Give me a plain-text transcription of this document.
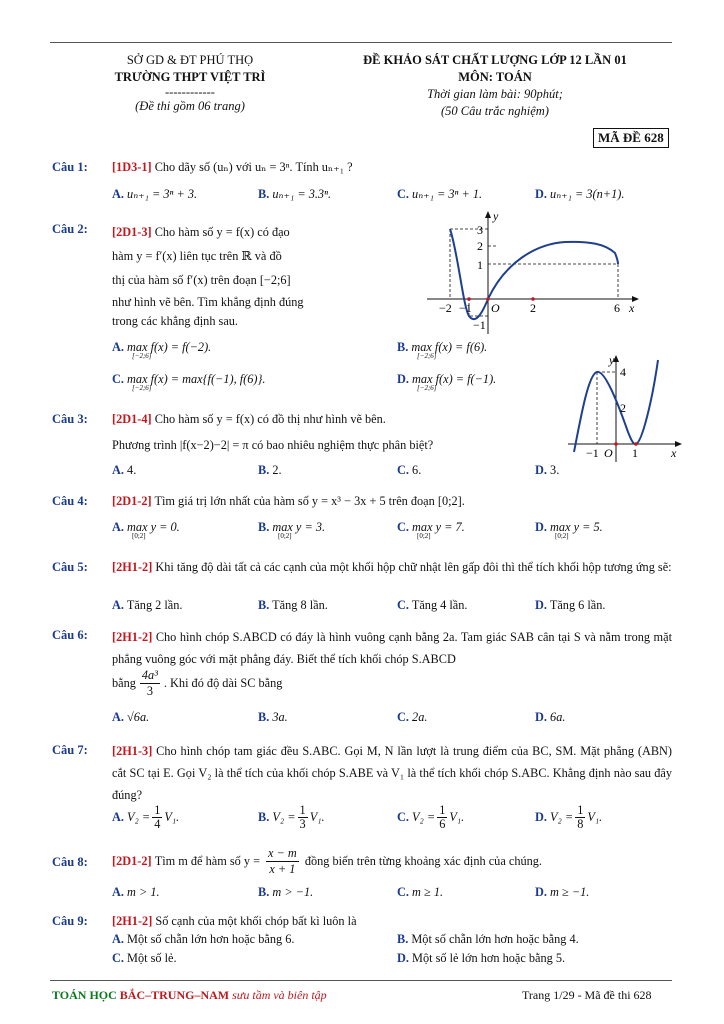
SỞ GD & ĐT PHÚ THỌ
TRƯỜNG THPT VIỆT TRÌ
------------
(Đề thi gồm 06 trang)
ĐỀ KHẢO SÁT CHẤT LƯỢNG LỚP 12 LẦN 01
MÔN: TOÁN
Thời gian làm bài: 90phút;
(50 Câu trắc nghiệm)
MÃ ĐỀ 628
Câu 1: [1D3-1] Cho dãy số (uₙ) với uₙ = 3ⁿ. Tính uₙ₊₁ ?
A. uₙ₊₁ = 3ⁿ + 3.	B. uₙ₊₁ = 3.3ⁿ.	C. uₙ₊₁ = 3ⁿ + 1.	D. uₙ₊₁ = 3(n+1).
Câu 2: [2D1-3] Cho hàm số y = f(x) có đạo
hàm y = f′(x) liên tục trên ℝ và đồ
thị của hàm số f′(x) trên đoạn [−2;6]
như hình vẽ bên. Tìm khẳng định đúng
trong các khẳng định sau.
y
x
O
−2 −1	2	6
3
2
1
−1
A. max f(x) = f(−2).
[−2;6]
B. max f(x) = f(6).
[−2;6]
C. max f(x) = max{f(−1), f(6)}.
[−2;6]
D. max f(x) = f(−1).
[−2;6]
y
x
O
−1	1
4
2
Câu 3: [2D1-4] Cho hàm số y = f(x) có đồ thị như hình vẽ bên.
Phương trình |f(x−2)−2| = π có bao nhiêu nghiệm thực phân biệt?
A. 4.	B. 2.	C. 6.	D. 3.
Câu 4: [2D1-2] Tìm giá trị lớn nhất của hàm số y = x³ − 3x + 5 trên đoạn [0;2].
A. max y = 0.
[0;2]
B. max y = 3.
[0;2]
C. max y = 7.
[0;2]
D. max y = 5.
[0;2]
Câu 5: [2H1-2] Khi tăng độ dài tất cả các cạnh của một khối hộp chữ nhật lên gấp đôi thì thể tích khối hộp tương ứng sẽ:
A. Tăng 2 lần.	B. Tăng 8 lần.	C. Tăng 4 lần.	D. Tăng 6 lần.
Câu 6: [2H1-2] Cho hình chóp S.ABCD có đáy là hình vuông cạnh bằng 2a. Tam giác SAB cân tại S và nằm trong mặt phẳng vuông góc với mặt phẳng đáy. Biết thể tích khối chóp S.ABCD
bằng $\frac{\text{4a³}}{3}$ . Khi đó độ dài SC bằng
A. √6a.	B. 3a.	C. 2a.	D. 6a.
Câu 7: [2H1-3] Cho hình chóp tam giác đều S.ABC. Gọi M, N lần lượt là trung điểm của BC, SM. Mặt phẳng (ABN) cắt SC tại E. Gọi V₂ là thể tích của khối chóp S.ABE và V₁ là thể tích khối chóp S.ABC. Khẳng định nào sau đây đúng?
A.
$V_2 = \frac{1}{4} V_1$.	B.
$V_2 = \frac{1}{3} V_1$.	C.
$V_2 = \frac{1}{6} V_1$.	D.
$V_2 = \frac{1}{8} V_1$.
Câu 8: [2D1-2]
Tìm m để hàm số $y = \frac{x - m}{x + 1}$ đồng biến trên từng khoảng xác định của chúng.
A. m > 1.	B. m > −1.	C. m ≥ 1.	D. m ≥ −1.
Câu 9: [2H1-2] Số cạnh của một khối chóp bất kì luôn là
A. Một số chẵn lớn hơn hoặc bằng 6.	B. Một số chẵn lớn hơn hoặc bằng 4.
C. Một số lẻ.	D. Một số lẻ lớn hơn hoặc bằng 5.
TOÁN HỌC BẮC–TRUNG–NAM sưu tầm và biên tập	Trang 1/29 - Mã đề thi 628
